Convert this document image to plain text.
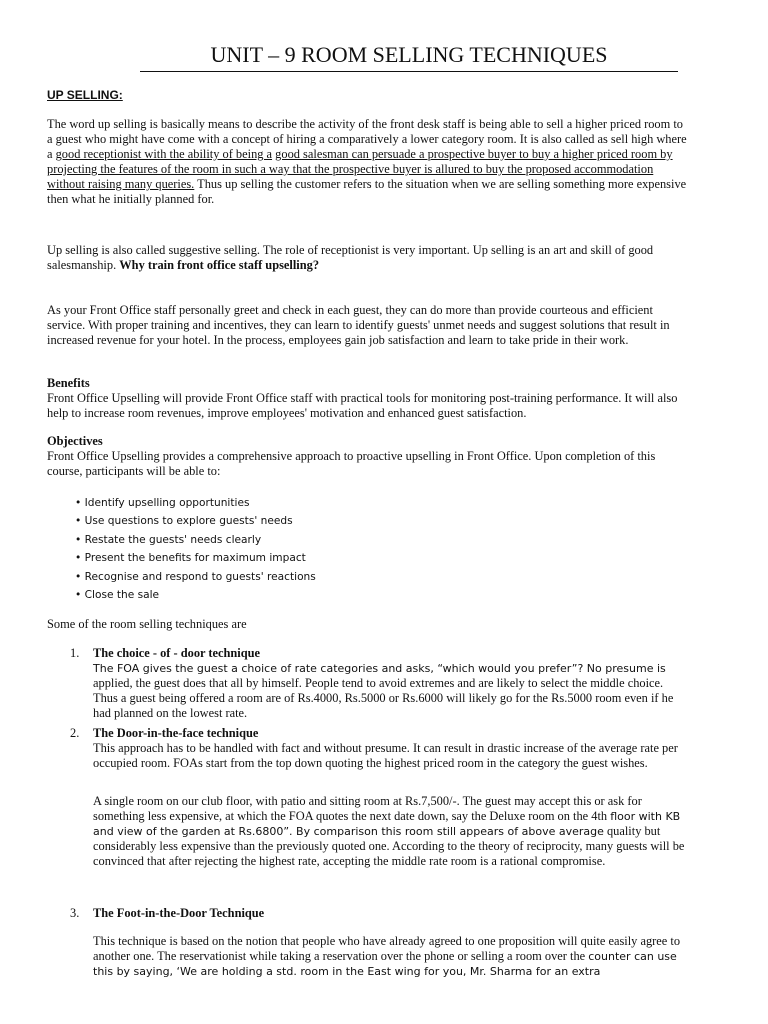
UNIT – 9 ROOM SELLING TECHNIQUES
UP SELLING:
The word up selling is basically means to describe the activity of the front desk staff is being able to sell a higher priced room to a guest who might have come with a concept of hiring a comparatively a lower category room. It is also called as sell high where a good receptionist with the ability of being a good salesman can persuade a prospective buyer to buy a higher priced room by projecting the features of the room in such a way that the prospective buyer is allured to buy the proposed accommodation without raising many queries. Thus up selling the customer refers to the situation when we are selling something more expensive then what he initially planned for.
Up selling is also called suggestive selling. The role of receptionist is very important. Up selling is an art and skill of good salesmanship. Why train front office staff upselling?
As your Front Office staff personally greet and check in each guest, they can do more than provide courteous and efficient service. With proper training and incentives, they can learn to identify guests' unmet needs and suggest solutions that result in increased revenue for your hotel. In the process, employees gain job satisfaction and learn to take pride in their work.
Benefits
Front Office Upselling will provide Front Office staff with practical tools for monitoring post-training performance. It will also help to increase room revenues, improve employees' motivation and enhanced guest satisfaction.
Objectives
Front Office Upselling provides a comprehensive approach to proactive upselling in Front Office. Upon completion of this course, participants will be able to:
• Identify upselling opportunities
• Use questions to explore guests' needs
• Restate the guests' needs clearly
• Present the benefits for maximum impact
• Recognise and respond to guests' reactions
• Close the sale
Some of the room selling techniques are
1.	The choice - of - door technique
The FOA gives the guest a choice of rate categories and asks, “which would you prefer”? No presume is applied, the guest does that all by himself. People tend to avoid extremes and are likely to select the middle choice. Thus a guest being offered a room are of Rs.4000, Rs.5000 or Rs.6000 will likely go for the Rs.5000 room even if he had planned on the lowest rate.
2.	The Door-in-the-face technique
This approach has to be handled with fact and without presume. It can result in drastic increase of the average rate per occupied room. FOAs start from the top down quoting the highest priced room in the category the guest wishes.
A single room on our club floor, with patio and sitting room at Rs.7,500/-. The guest may accept this or ask for something less expensive, at which the FOA quotes the next date down, say the Deluxe room on the 4th floor with KB and view of the garden at Rs.6800”. By comparison this room still appears of above average quality but considerably less expensive than the previously quoted one. According to the theory of reciprocity, many guests will be convinced that after rejecting the highest rate, accepting the middle rate room is a rational compromise.
3.	The Foot-in-the-Door Technique
This technique is based on the notion that people who have already agreed to one proposition will quite easily agree to another one. The reservationist while taking a reservation over the phone or selling a room over the counter can use this by saying, ‘We are holding a std. room in the East wing for you, Mr. Sharma for an extra
